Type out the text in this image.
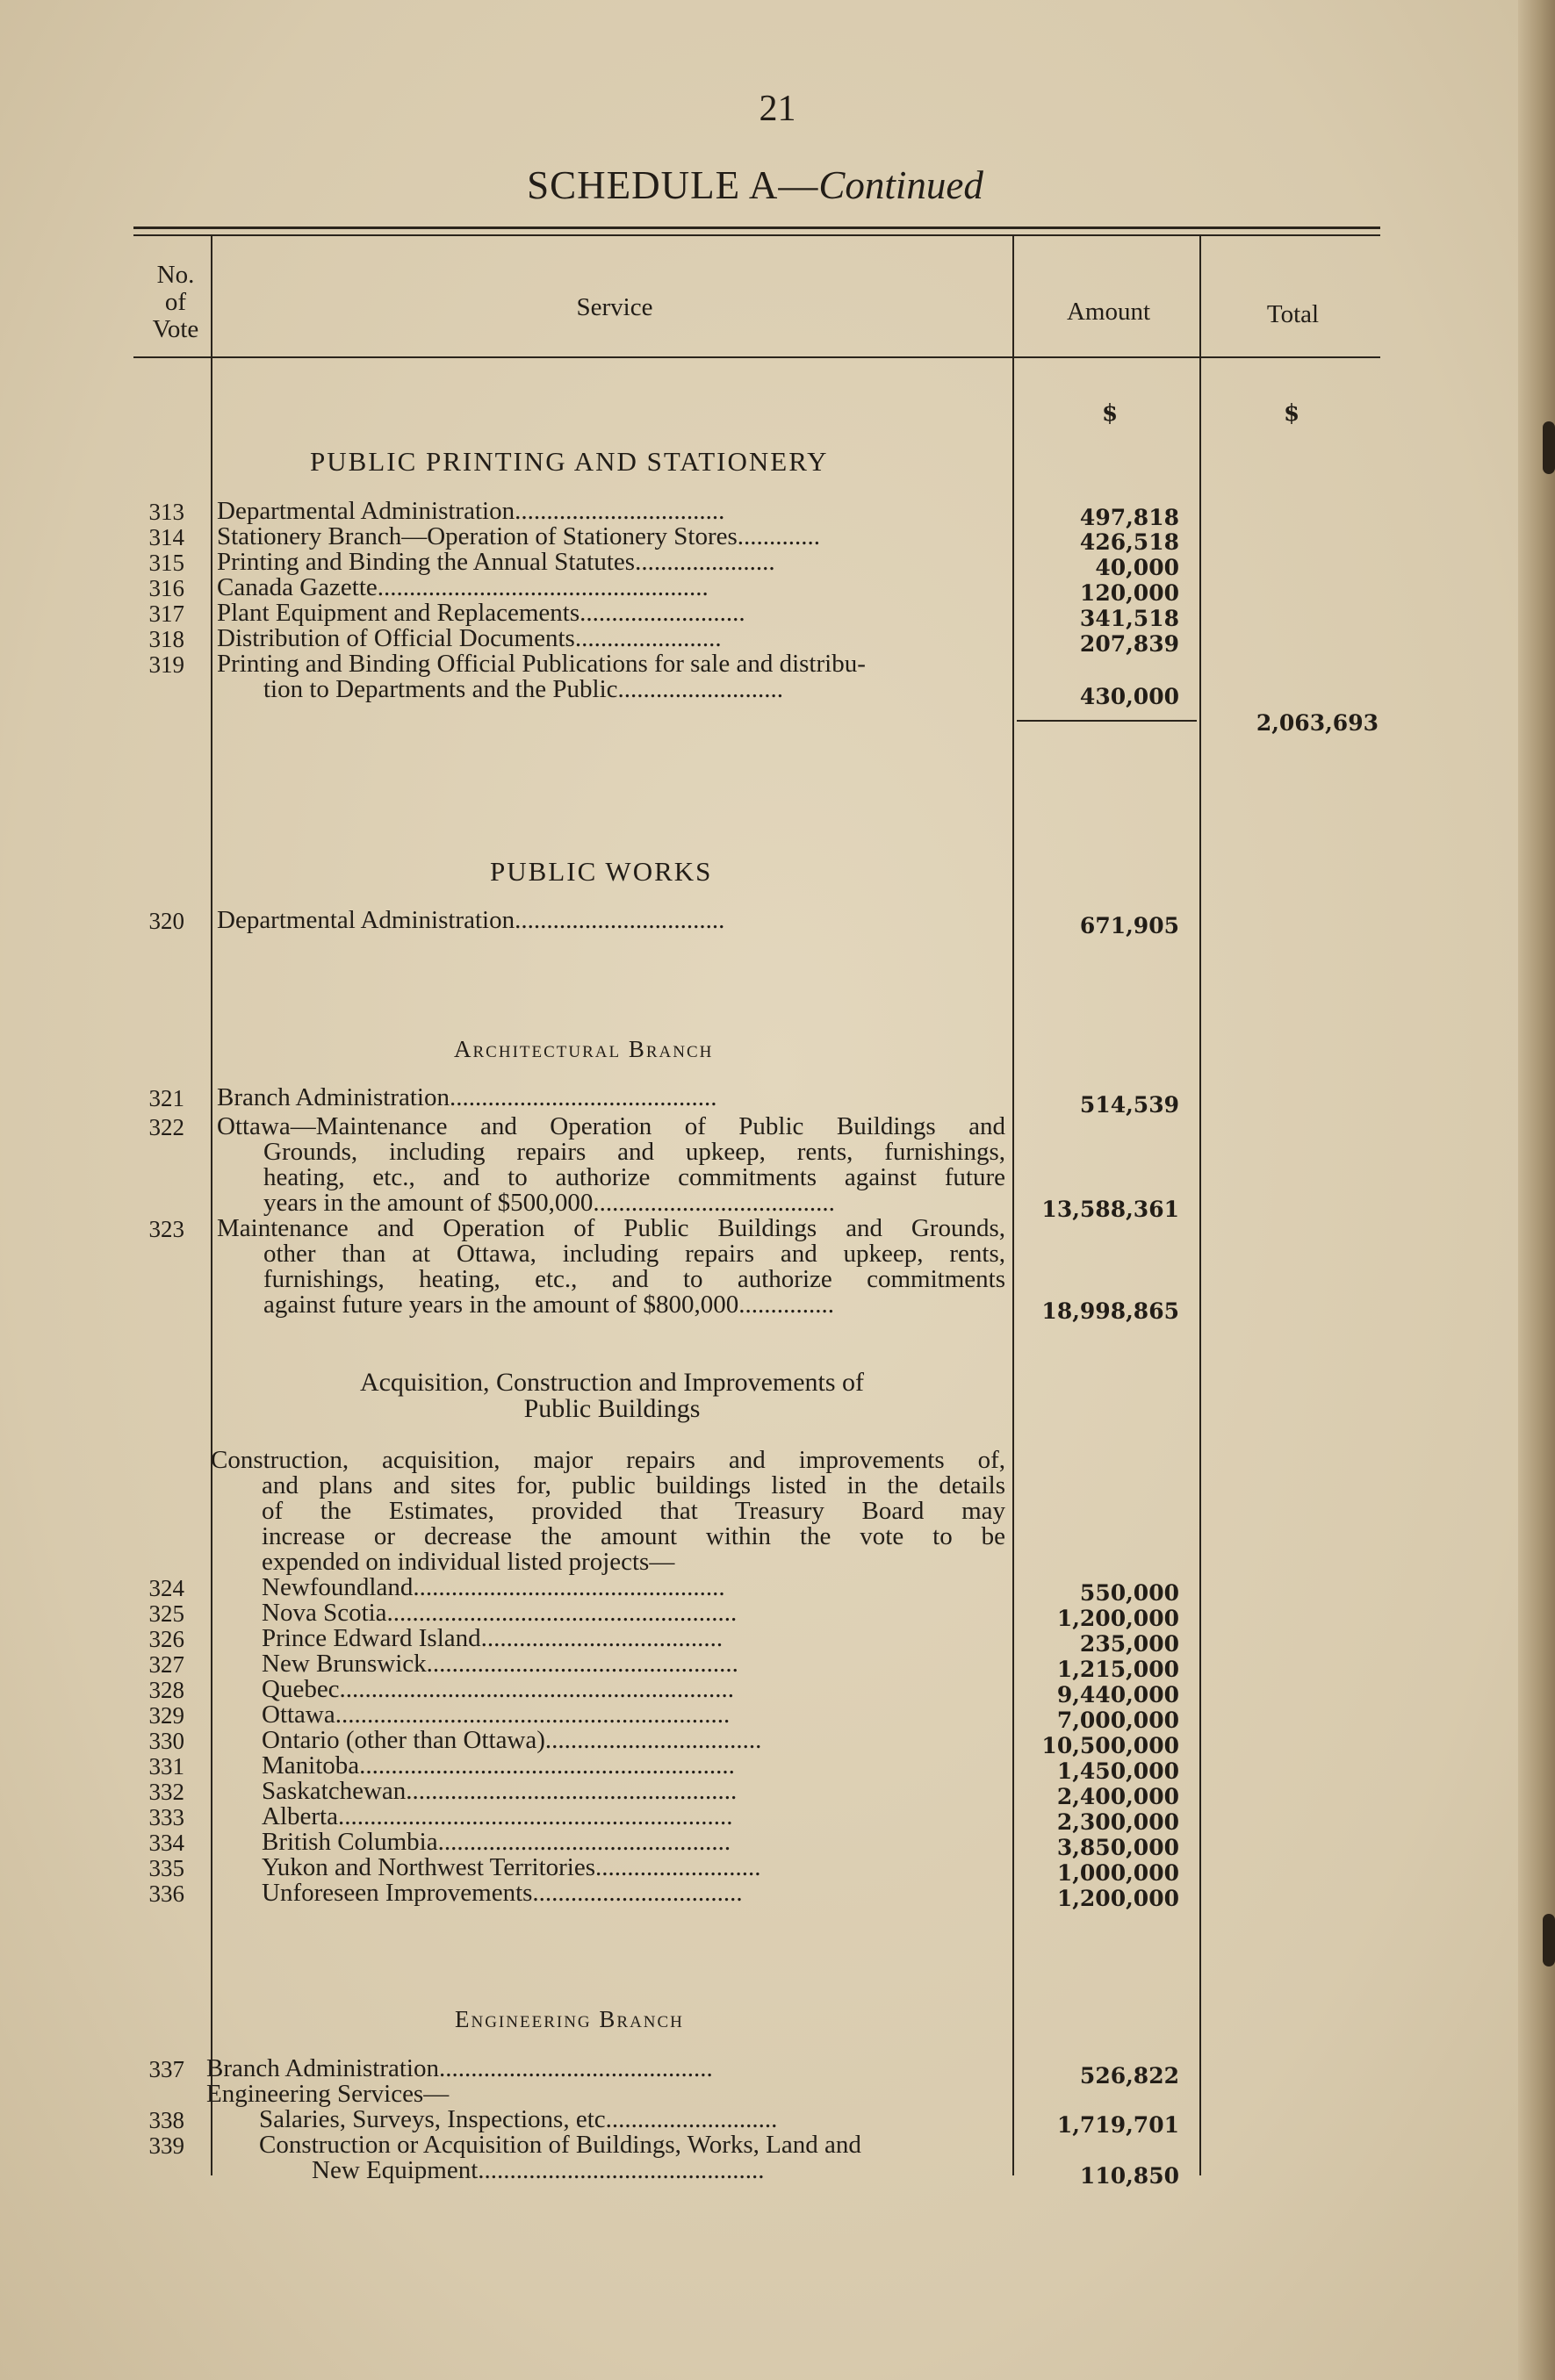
21
SCHEDULE A—Continued
No.
of
Vote
Service	Amount	Total
$	$
PUBLIC PRINTING AND STATIONERY
313 Departmental Administration.................................	497,818
314 Stationery Branch—Operation of Stationery Stores.............	426,518
315 Printing and Binding the Annual Statutes......................	40,000
316 Canada Gazette....................................................	120,000
317 Plant Equipment and Replacements..........................	341,518
318 Distribution of Official Documents.......................	207,839
319 Printing and Binding Official Publications for sale and distribu-
tion to Departments and the Public..........................	430,000
2,063,693
PUBLIC WORKS
320 Departmental Administration.................................	671,905
Architectural Branch
321 Branch Administration..........................................	514,539
322 Ottawa—Maintenance and Operation of Public Buildings and
Grounds, including repairs and upkeep, rents, furnishings,
heating, etc., and to authorize commitments against future
years in the amount of $500,000......................................	13,588,361
323 Maintenance and Operation of Public Buildings and Grounds,
other than at Ottawa, including repairs and upkeep, rents,
furnishings, heating, etc., and to authorize commitments
against future years in the amount of $800,000...............	18,998,865
Acquisition, Construction and Improvements of
Public Buildings
Construction, acquisition, major repairs and improvements of,
and plans and sites for, public buildings listed in the details
of the Estimates, provided that Treasury Board may
increase or decrease the amount within the vote to be
expended on individual listed projects—
324	Newfoundland.................................................	550,000
325	Nova Scotia.......................................................	1,200,000
326	Prince Edward Island......................................	235,000
327	New Brunswick.................................................	1,215,000
328	Quebec..............................................................	9,440,000
329	Ottawa..............................................................	7,000,000
330	Ontario (other than Ottawa)..................................	10,500,000
331	Manitoba...........................................................	1,450,000
332	Saskatchewan....................................................	2,400,000
333	Alberta..............................................................	2,300,000
334	British Columbia..............................................	3,850,000
335	Yukon and Northwest Territories..........................	1,000,000
336	Unforeseen Improvements.................................	1,200,000
Engineering Branch
337 Branch Administration...........................................	526,822
Engineering Services—
338	Salaries, Surveys, Inspections, etc...........................	1,719,701
339	Construction or Acquisition of Buildings, Works, Land and
New Equipment.............................................	110,850
